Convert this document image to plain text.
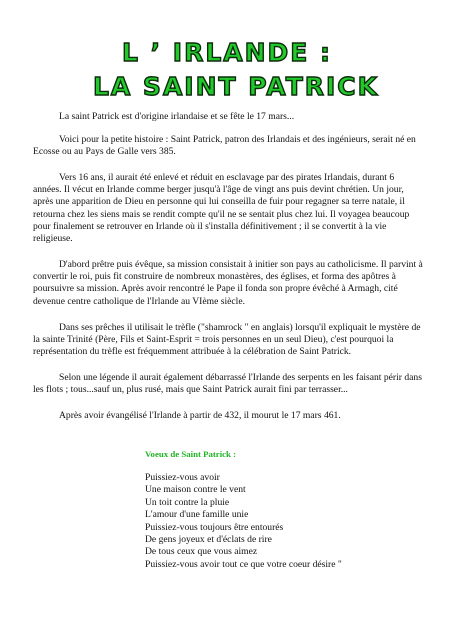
L ’ IRLANDE :
LA SAINT PATRICK

La saint Patrick est d'origine irlandaise et se fête le 17 mars...

Voici pour la petite histoire : Saint Patrick, patron des Irlandais et des ingénieurs, serait né en Ecosse ou au Pays de Galle vers 385.

Vers 16 ans, il aurait été enlevé et réduit en esclavage par des pirates Irlandais, durant 6 années. Il vécut en Irlande comme berger jusqu'à l'âge de vingt ans puis devint chrétien. Un jour, après une apparition de Dieu en personne qui lui conseilla de fuir pour regagner sa terre natale, il retourna chez les siens mais se rendit compte qu'il ne se sentait plus chez lui. Il voyagea beaucoup pour finalement se retrouver en Irlande où il s'installa définitivement ; il se convertit à la vie religieuse.

D'abord prêtre puis évêque, sa mission consistait à initier son pays au catholicisme. Il parvint à convertir le roi, puis fit construire de nombreux monastères, des églises, et forma des apôtres à poursuivre sa mission. Après avoir rencontré le Pape il fonda son propre évêché à Armagh, cité devenue centre catholique de l'Irlande au VIème siècle.

Dans ses prêches il utilisait le trèfle ("shamrock " en anglais) lorsqu'il expliquait le mystère de la sainte Trinité (Père, Fils et Saint-Esprit = trois personnes en un seul Dieu), c'est pourquoi la représentation du trèfle est fréquemment attribuée à la célébration de Saint Patrick.

Selon une légende il aurait également débarrassé l'Irlande des serpents en les faisant périr dans les flots ; tous...sauf un, plus rusé, mais que Saint Patrick aurait fini par terrasser...

Après avoir évangélisé l'Irlande à partir de 432, il mourut le 17 mars 461.

Voeux de Saint Patrick :
Puissiez-vous avoir
Une maison contre le vent
Un toit contre la pluie
L'amour d'une famille unie
Puissiez-vous toujours être entourés
De gens joyeux et d'éclats de rire
De tous ceux que vous aimez
Puissiez-vous avoir tout ce que votre coeur désire "
